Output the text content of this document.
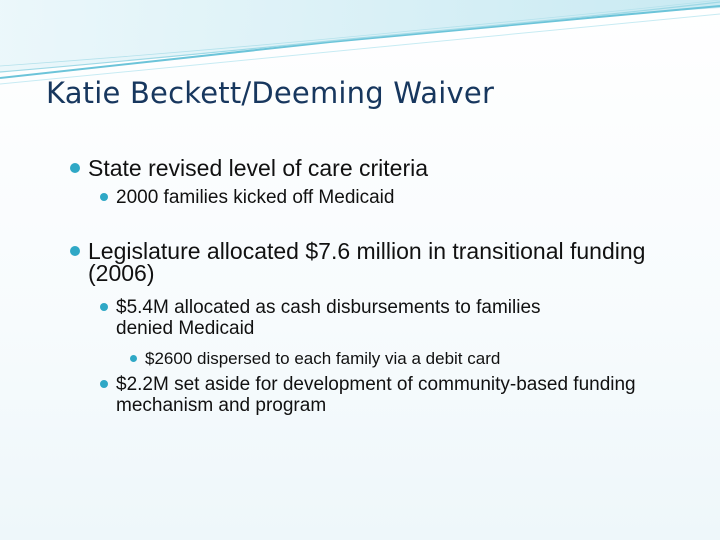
Katie Beckett/Deeming Waiver
State revised level of care criteria
2000 families kicked off Medicaid
Legislature allocated $7.6 million in transitional funding (2006)
$5.4M allocated as cash disbursements to families denied Medicaid
$2600 dispersed to each family via a debit card
$2.2M set aside for development of community-based funding mechanism and program
